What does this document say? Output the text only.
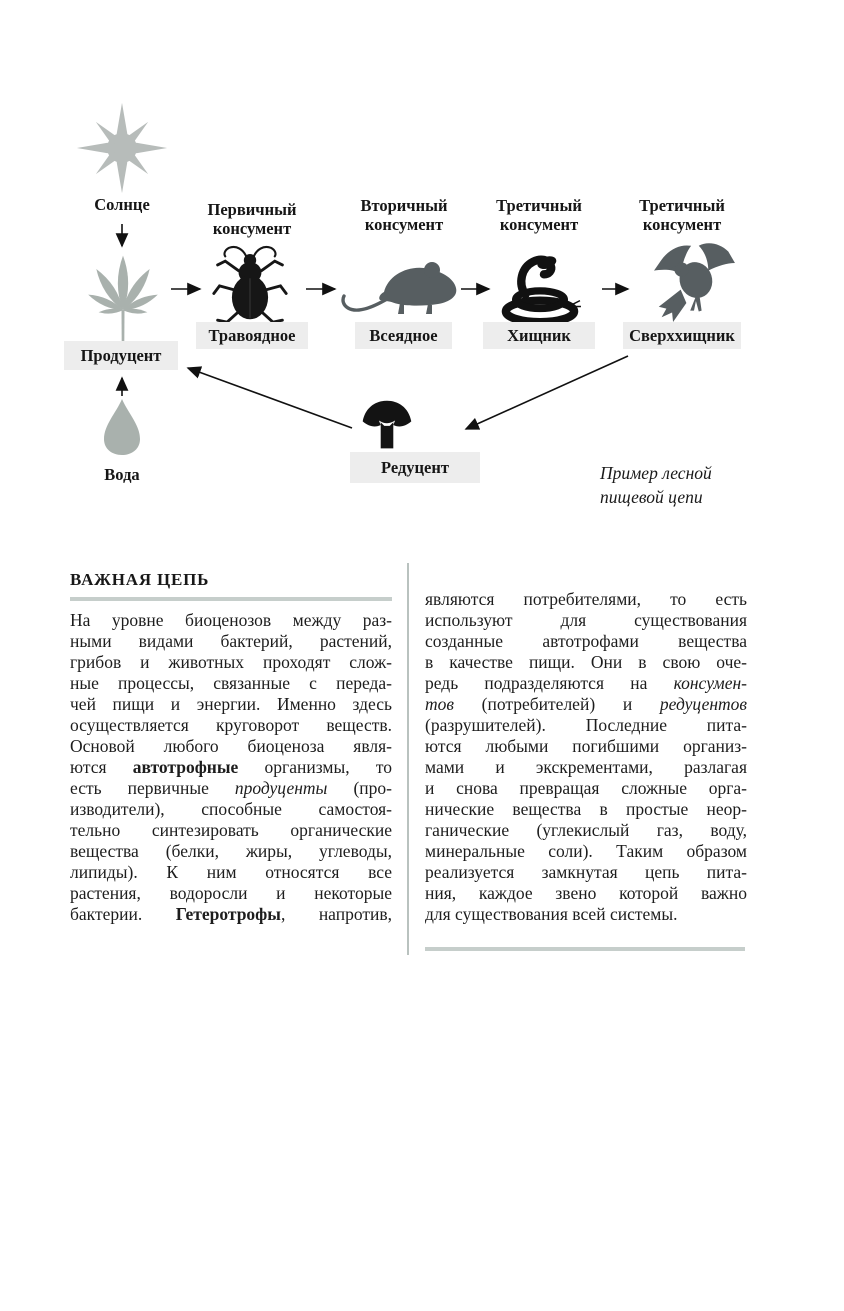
Солнце
Продуцент
Вода
Первичный
консумент
Травоядное
Вторичный
консумент
Всеядное
Третичный
консумент
Хищник
Третичный
консумент
Сверххищник
Редуцент	Пример лесной
пищевой цепи
ВАЖНАЯ ЦЕПЬ
На уровне биоценозов между раз-
ными видами бактерий, растений,
грибов и животных проходят слож-
ные процессы, связанные с переда-
чей пищи и энергии. Именно здесь
осуществляется круговорот веществ.
Основой любого биоценоза явля-
ются автотрофные организмы, то
есть первичные продуценты (про-
изводители), способные самостоя-
тельно синтезировать органические
вещества (белки, жиры, углеводы,
липиды). К ним относятся все
растения, водоросли и некоторые
бактерии. Гетеротрофы, напротив,
являются потребителями, то есть
используют для существования
созданные автотрофами вещества
в качестве пищи. Они в свою оче-
редь подразделяются на консумен-
тов (потребителей) и редуцентов
(разрушителей). Последние пита-
ются любыми погибшими организ-
мами и экскрементами, разлагая
и снова превращая сложные орга-
нические вещества в простые неор-
ганические (углекислый газ, воду,
минеральные соли). Таким образом
реализуется замкнутая цепь пита-
ния, каждое звено которой важно
для существования всей системы.
